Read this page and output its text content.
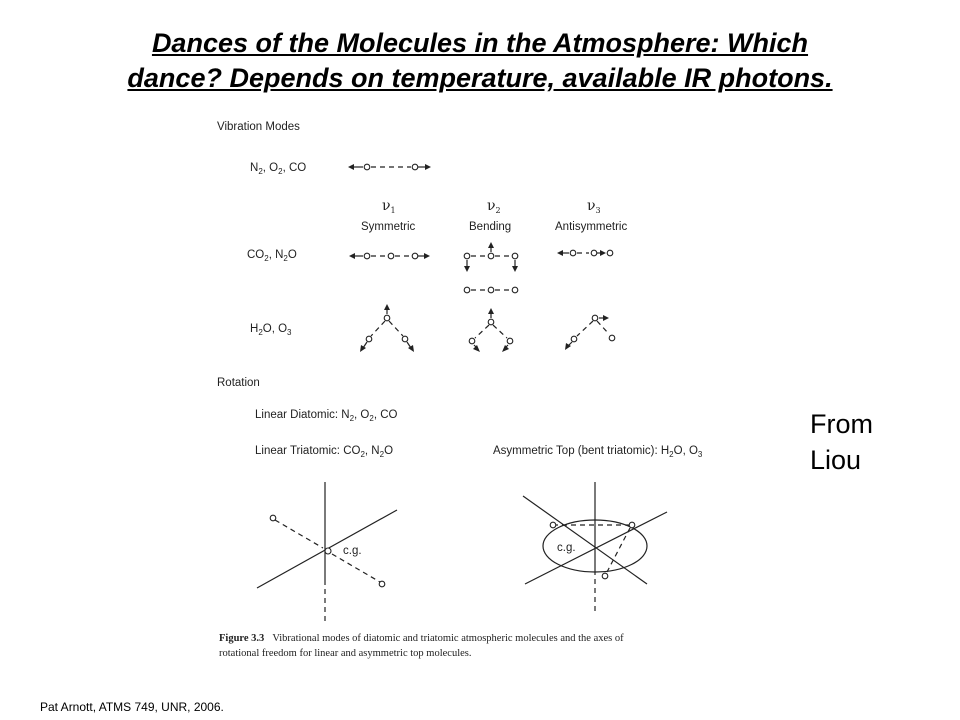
Dances of the Molecules in the Atmosphere: Which
dance? Depends on temperature, available IR photons.
Vibration Modes
$N_2$, $O_2$, CO
$\nu_1$
Symmetric
$\nu_2$
Bending
$\nu_3$
Antisymmetric
$CO_2$, $N_2O$
$H_2O$, $O_3$
Rotation
Linear Diatomic: $N_2$, $O_2$, CO
Linear Triatomic: $CO_2$, $N_2O$	Asymmetric Top (bent triatomic): $H_2O$, $O_3$
c.g.	c.g.
Figure 3.3 Vibrational modes of diatomic and triatomic atmospheric molecules and the axes of
rotational freedom for linear and asymmetric top molecules.
From
Liou
Pat Arnott, ATMS 749, UNR, 2006.
